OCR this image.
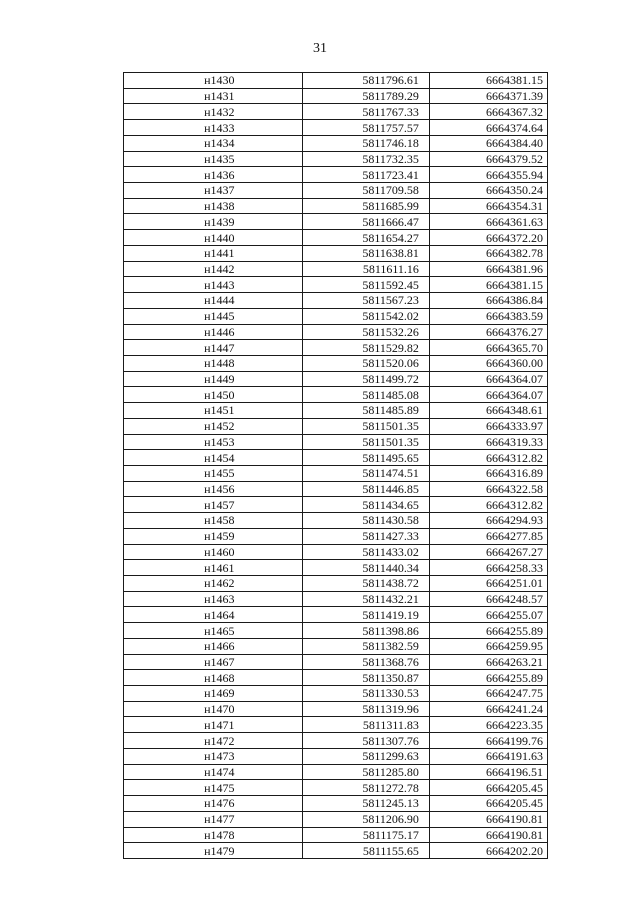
31
н1430	5811796.61	6664381.15
н1431	5811789.29	6664371.39
н1432	5811767.33	6664367.32
н1433	5811757.57	6664374.64
н1434	5811746.18	6664384.40
н1435	5811732.35	6664379.52
н1436	5811723.41	6664355.94
н1437	5811709.58	6664350.24
н1438	5811685.99	6664354.31
н1439	5811666.47	6664361.63
н1440	5811654.27	6664372.20
н1441	5811638.81	6664382.78
н1442	5811611.16	6664381.96
н1443	5811592.45	6664381.15
н1444	5811567.23	6664386.84
н1445	5811542.02	6664383.59
н1446	5811532.26	6664376.27
н1447	5811529.82	6664365.70
н1448	5811520.06	6664360.00
н1449	5811499.72	6664364.07
н1450	5811485.08	6664364.07
н1451	5811485.89	6664348.61
н1452	5811501.35	6664333.97
н1453	5811501.35	6664319.33
н1454	5811495.65	6664312.82
н1455	5811474.51	6664316.89
н1456	5811446.85	6664322.58
н1457	5811434.65	6664312.82
н1458	5811430.58	6664294.93
н1459	5811427.33	6664277.85
н1460	5811433.02	6664267.27
н1461	5811440.34	6664258.33
н1462	5811438.72	6664251.01
н1463	5811432.21	6664248.57
н1464	5811419.19	6664255.07
н1465	5811398.86	6664255.89
н1466	5811382.59	6664259.95
н1467	5811368.76	6664263.21
н1468	5811350.87	6664255.89
н1469	5811330.53	6664247.75
н1470	5811319.96	6664241.24
н1471	5811311.83	6664223.35
н1472	5811307.76	6664199.76
н1473	5811299.63	6664191.63
н1474	5811285.80	6664196.51
н1475	5811272.78	6664205.45
н1476	5811245.13	6664205.45
н1477	5811206.90	6664190.81
н1478	5811175.17	6664190.81
н1479	5811155.65	6664202.20
